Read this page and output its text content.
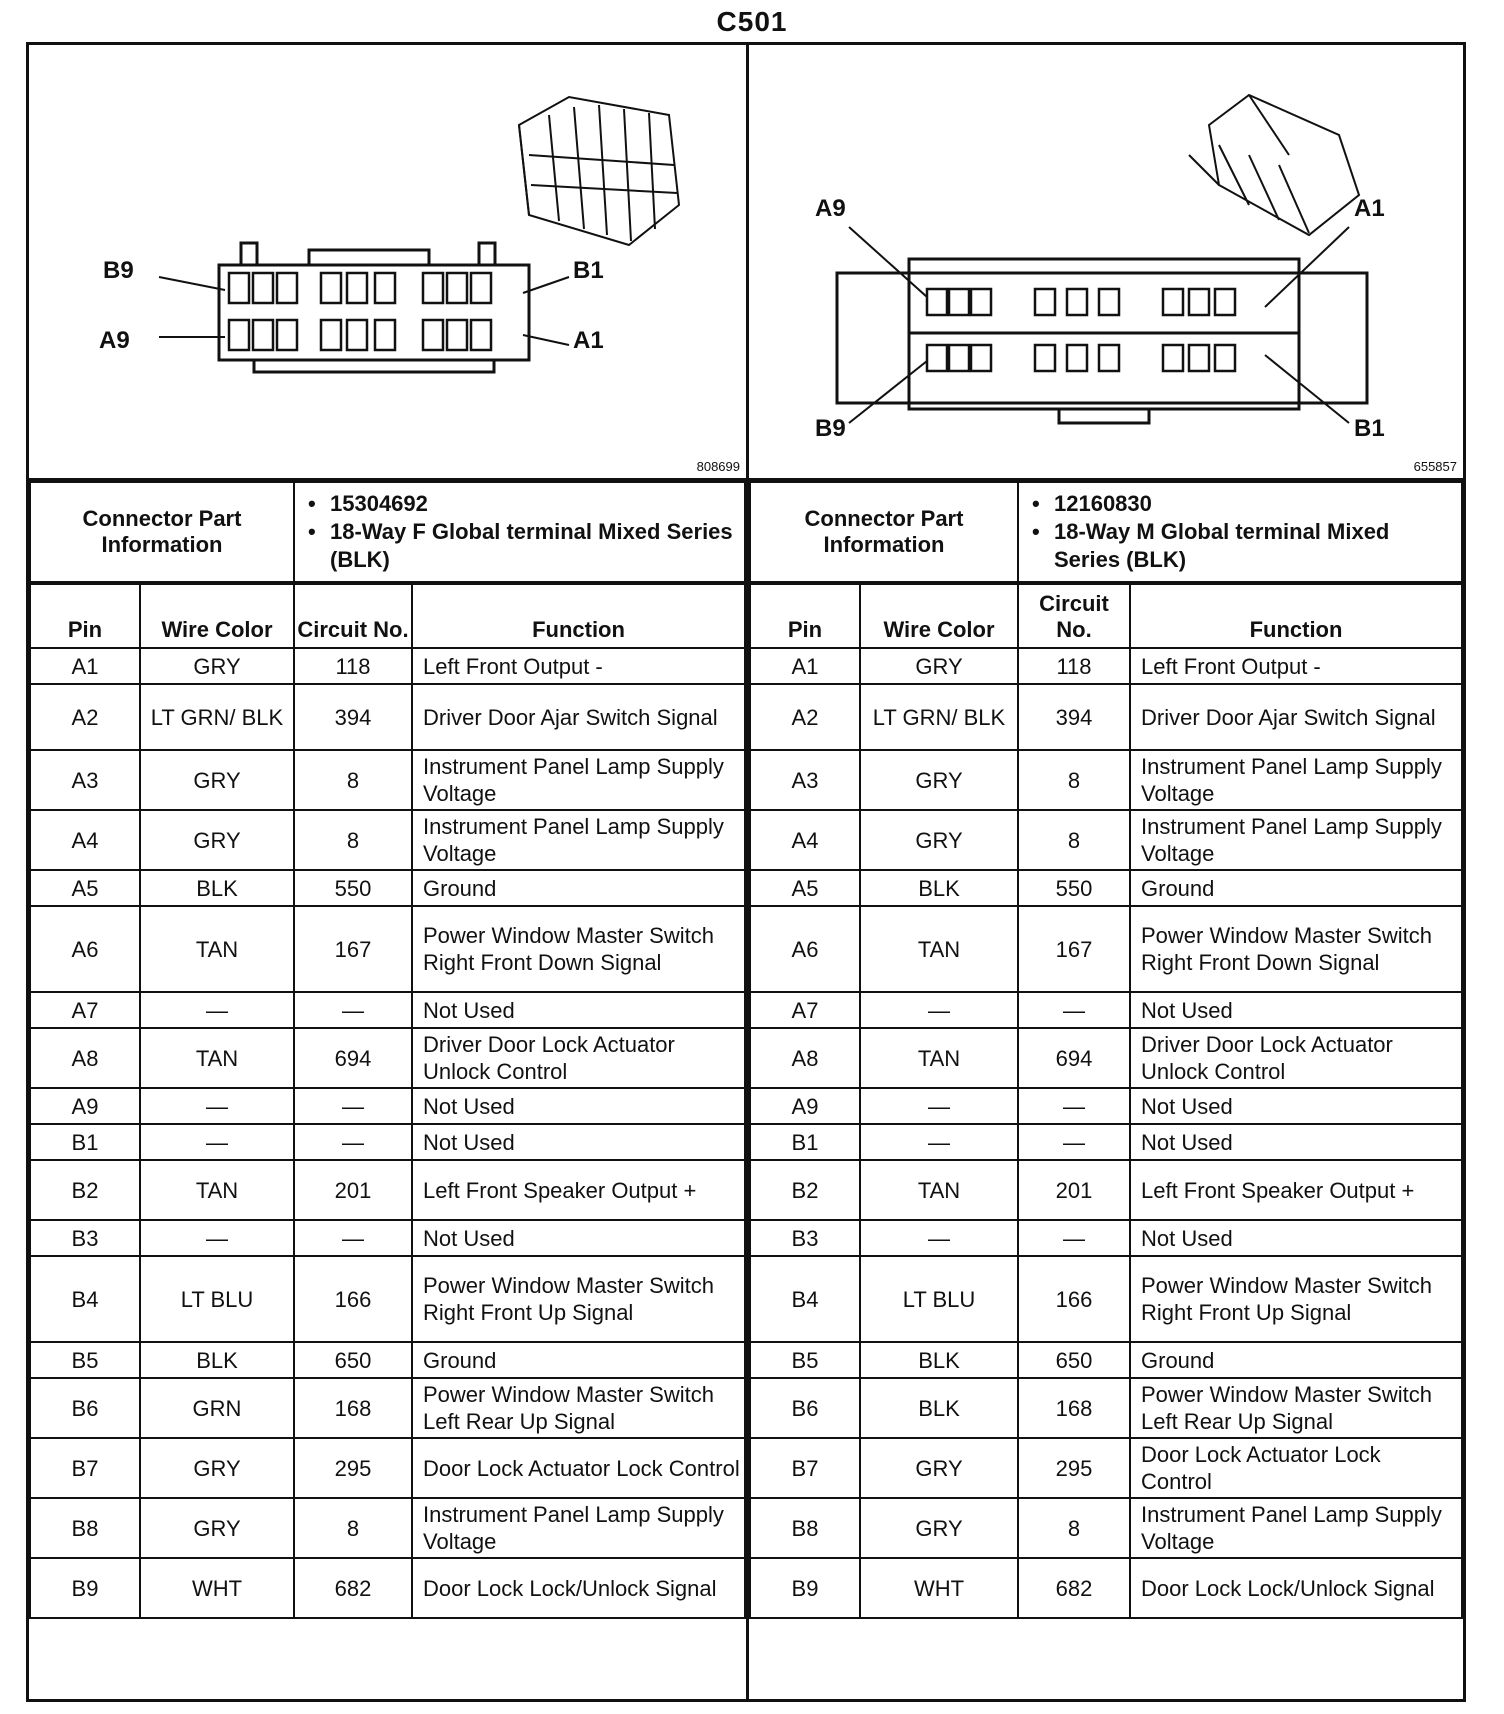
C501
B9
A9
B1
A1
808699
Connector Part Information	
• 15304692
• 18-Way F Global terminal Mixed Series (BLK)
Pin	Wire Color	Circuit No.	Function
A1	GRY	118	Left Front Output -
A2	LT GRN/ BLK	394	Driver Door Ajar Switch Signal
A3	GRY	8	Instrument Panel Lamp Supply Voltage
A4	GRY	8	Instrument Panel Lamp Supply Voltage
A5	BLK	550	Ground
A6	TAN	167	Power Window Master Switch Right Front Down Signal
A7	—	—	Not Used
A8	TAN	694	Driver Door Lock Actuator Unlock Control
A9	—	—	Not Used
B1	—	—	Not Used
B2	TAN	201	Left Front Speaker Output +
B3	—	—	Not Used
B4	LT BLU	166	Power Window Master Switch Right Front Up Signal
B5	BLK	650	Ground
B6	GRN	168	Power Window Master Switch Left Rear Up Signal
B7	GRY	295	Door Lock Actuator Lock Control
B8	GRY	8	Instrument Panel Lamp Supply Voltage
B9	WHT	682	Door Lock Lock/Unlock Signal
A9
B9
A1
B1
655857
Connector Part Information	
• 12160830
• 18-Way M Global terminal Mixed Series (BLK)
Pin	Wire Color	Circuit No.	Function
A1	GRY	118	Left Front Output -
A2	LT GRN/ BLK	394	Driver Door Ajar Switch Signal
A3	GRY	8	Instrument Panel Lamp Supply Voltage
A4	GRY	8	Instrument Panel Lamp Supply Voltage
A5	BLK	550	Ground
A6	TAN	167	Power Window Master Switch Right Front Down Signal
A7	—	—	Not Used
A8	TAN	694	Driver Door Lock Actuator Unlock Control
A9	—	—	Not Used
B1	—	—	Not Used
B2	TAN	201	Left Front Speaker Output +
B3	—	—	Not Used
B4	LT BLU	166	Power Window Master Switch Right Front Up Signal
B5	BLK	650	Ground
B6	BLK	168	Power Window Master Switch Left Rear Up Signal
B7	GRY	295	Door Lock Actuator Lock Control
B8	GRY	8	Instrument Panel Lamp Supply Voltage
B9	WHT	682	Door Lock Lock/Unlock Signal
